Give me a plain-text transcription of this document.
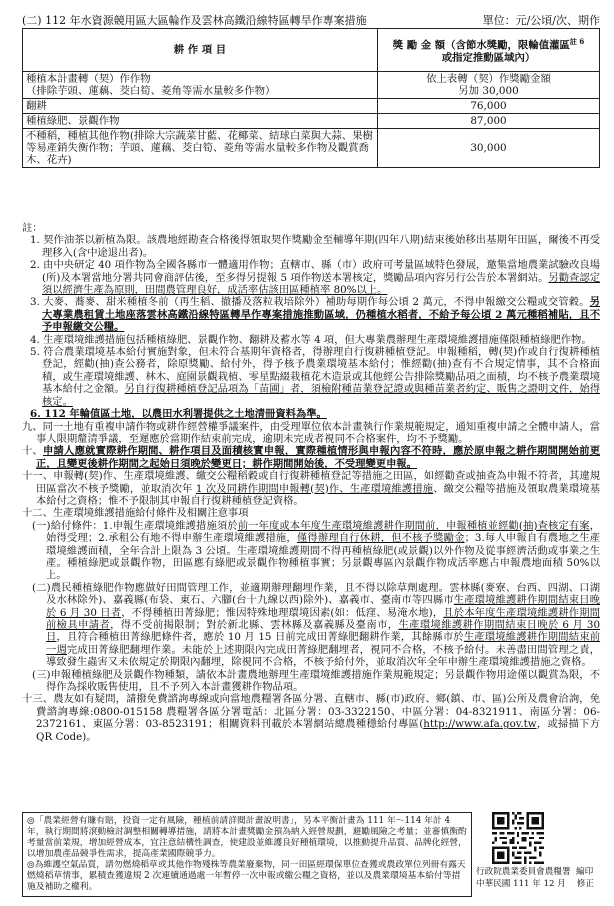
(二) 112 年水資源競用區大區輪作及雲林高鐵沿線特區轉旱作專案措施	單位：元/公頃/次、期作
耕 作 項 目	獎 勵 金 額（含節水獎勵，限輪值灌區$^{註 6}$
或指定推動區域內）
種植本計畫轉（契）作作物
（排除芋頭、蓮藕、茭白筍、菱角等需水量較多作物）	依上表轉（契）作獎勵金額
另加 30,000
翻耕	76,000
種植綠肥、景觀作物	87,000
不種稻，種植其他作物(排除大宗蔬菜甘藍、花椰菜、結球白菜與大蒜、果樹等易產銷失衡作物；芋頭、蓮藕、茭白筍、菱角等需水量較多作物及觀賞喬木、花卉)	30,000

註：

1. 契作油茶以新植為限。該農地經勘查合格後得領取契作獎勵金至輔導年期(四年八期)結束後始移出基期年田區，爾後不再受理移入(含中途退出者)。

2. 由中央研定 40 項作物為全國各縣市一體適用作物；直轄市、縣（市）政府可考量區域特色發展，邀集當地農業試驗改良場(所)及本署當地分署共同會商評估後，至多得另提報 5 項作物送本署核定，獎勵品項內容另行公告於本署網站。另勸查認定須以經濟生產為原則，田間農管理良好，成活率估該田區種植率 80%以上。

3. 大麥、蕎麥、甜米種植冬前（再生稻、撤播及落粒栽培除外）補助每期作每公頃 2 萬元，不得申報繳交公糧或交管穀。另大專業農租賃土地座落雲林高鐵沿線特區轉旱作專案措施推動區域，仍種植水稻者，不給予每公頃 2 萬元種稻補貼，且不予申報繳交公糧。

4. 生產環境維護措施包括種植綠肥、景觀作物、翻耕及蓄水等 4 項，但大專業農辦理生產環境維護措施僅限種植綠肥作物。

5. 符合農業環境基本給付實施對象，但未符合基期年資格者，得辦理自行復耕種植登記。申報種稻，轉(契)作或自行復耕種植登記，經勸(抽)查公務者，除原獎勵、給付外，得予核予農業環境基本給付；惟經勸(抽)查有不合規定情事，其不合格面積，或生產環境維護、林木、庭園景觀栽植、零星點綴栽植花木造景或其他經公告排除獎勵品項之面積，均不核予農業環境基本給付之金額。另自行復耕種植登記品項為「苗圃」者，須檢附種苗業登記證或與種苗業者約定、販售之證明文件，始得核定。

6. 112 年輪值區土地，以農田水利署提供之土地清冊資料為準。

九、同一土地有重複申請作物或耕作經營權爭議案件，由受理單位依本計畫執行作業規範規定，通知重複申請之全體申請人，當事人限期釐清爭議，至遲應於當期作結束前完成，逾期未完成者視同不合格案件，均不予獎勵。

十、申請人應就實際耕作期間、耕作項目及面積核實申報，實際種植情形與申報內容不符時，應於原申報之耕作期間開始前更正，且變更後耕作期間之起始日須晚於變更日；耕作期間開始後，不受理變更申報。

十一、申報轉(契)作、生產環境維護、繳交公糧稻穀或自行復耕種植登記等措施之田區，如經勸查或抽查為申報不符者，其違規田區當次不核予獎勵，並取消次年 1 次及同耕作期間申報轉(契)作、生產環境維護措施、繳交公糧等措施及領取農業環境基本給付之資格；惟不予限制其申報自行復耕種植登記資格。

十二、生產環境維護措施給付條件及相關注意事項

(一)給付條件：1.申報生產環境維護措施須於前一年度或本年度生產環境維護耕作期間前，申報種植並經勸(抽)查核定有案，始得受理；2.承租公有地不得申辦生產環境維護措施，僅得辦理自行休耕，但不核予獎勵金；3.每人申報自有農地之生產環境維護面積，全年合計上限為 3 公頃。生產環境維護期間不得再種植綠肥(或景觀)以外作物及從事經濟活動或事業之生產。種植綠肥或景觀作物，田區應有綠肥或景觀作物種植事實；另景觀專區內景觀作物成活率應占申報農地面積 50%以上。

(二)農民種植綠肥作物應做好田間管理工作，並適期辦理翻埋作業，且不得以除草劑處理。雲林縣(麥寮、台西、四湖、口湖及水林除外)、嘉義縣(布袋、東石、六腳(台十九線以西)除外)、嘉義市、臺南市等四縣市生產環境維護耕作期間結束日晚於 6 月 30 日者，不得種植田菁綠肥；惟因特殊地理環境因素(如：低窪、易淹水地)，且於本年度生產環境維護耕作期間前檢具申請者，得不受前揭限制；對於新北縣、雲林縣及嘉義縣及臺南市，生產環境維護耕作期間結束日晚於 6 月 30 日，且符合種植田菁綠肥條件者，應於 10 月 15 日前完成田菁綠肥翻耕作業，其餘縣市於生產環境維護耕作期間結束前一週完成田菁綠肥翻埋作業。未能於上述期限內完成田菁綠肥翻埋者，視同不合格，不核予給付。未善盡田間管理之責，導致發生蟲害又未依規定於期限內翻埋，除視同不合格，不核予給付外，並取消次年全年申辦生產環境維護措施之資格。

(三)申報種植綠肥及景觀作物種類，請依本計畫農地辦理生產環境維護措施作業規範規定；另景觀作物用途僅以觀賞為限，不得作為採收販售使用，且不予列入本計畫獲耕作物品項。

十三、農友如有疑問，請撥免費諮詢專線或向當地農糧署各區分署、直轄市、縣(市)政府、鄉(鎮、市、區)公所及農會洽詢，免費諮詢專線:0800-015158 農糧署各區分署電話：北區分署：03-3322150、中區分署：04-8321911、南區分署：06-2372161、東區分署：03-8523191；相關資料刊載於本署網站總農種穩給付專區(http://www.afa.gov.tw，或掃描下方 QR Code)。

◎「農業經營有賺有賠，投資一定有風險，種植前請詳閱計畫說明書」，另本平衡計畫為 111 年～114 年計 4 年，執行期間將滾動檢討調整相關轉導措施，請將本計畫獎勵金預為納入經營規劃，避勵風險之考量；並審慎衡酌考量當前業規，增加經營成本，宜注意結構性調查，使建設並維護良好種植環境，以推動提升品質、品牌化經營，以增加農產品競爭性需求，提高產業國際競爭力。

◎為維護空氣品質，請勿燃燒稻草或其他作物殘株等農業廢棄物，同一田區經環保單位查獲或農政單位列冊有露天燃燒稻草情事，累積查獲違規 2 次連續通過處一年暫停一次申報或繳公糧之資格，並以及農業環境基本給付等措施及補助之權利。

行政院農業委員會農糧署 編印
中華民國 111 年 12 月 修正
